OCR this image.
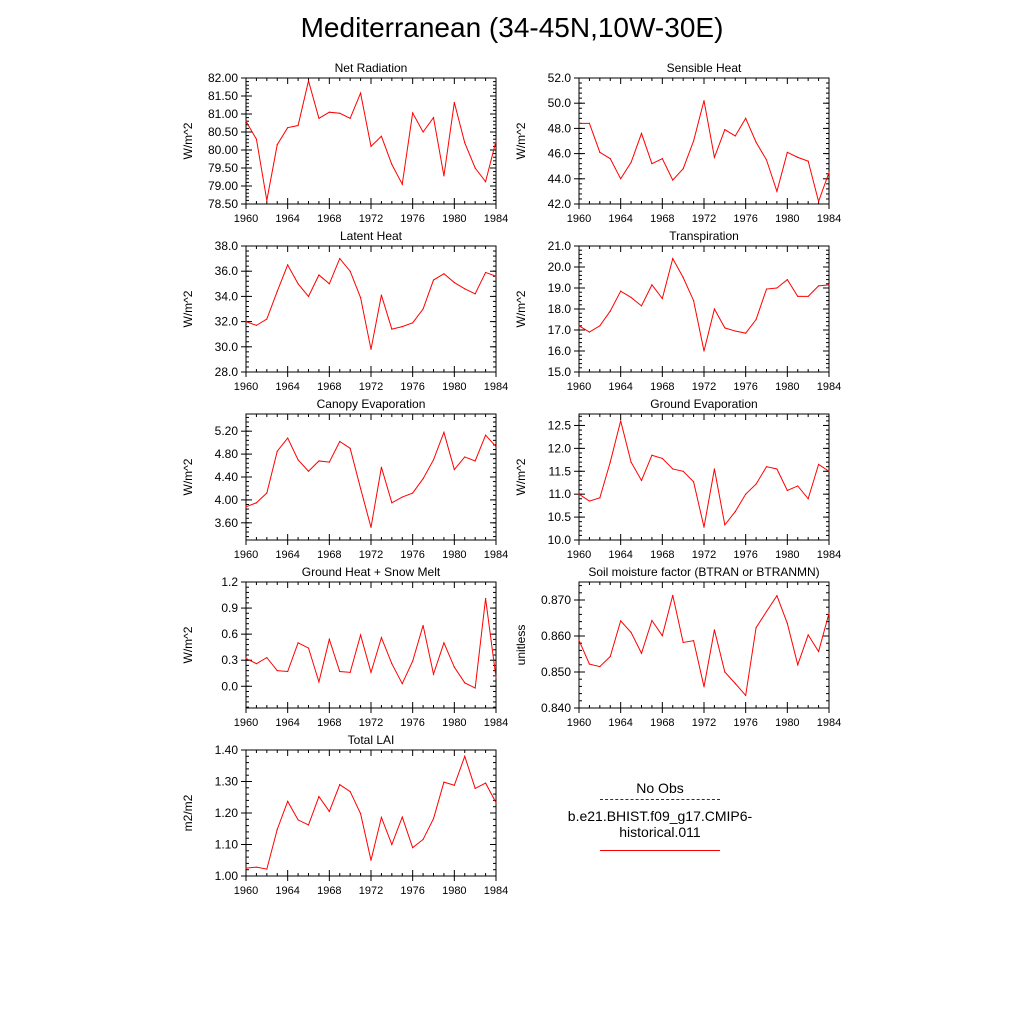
Mediterranean (34-45N,10W-30E)
Net Radiation
W/m^2
1960 1964 1968 1972 1976 1980 1984
78.50
79.00
79.50
80.00
80.50
81.00
81.50
82.00
Sensible Heat
W/m^2
1960 1964 1968 1972 1976 1980 1984
42.0
44.0
46.0
48.0
50.0
52.0
Latent Heat
W/m^2
1960 1964 1968 1972 1976 1980 1984
28.0
30.0
32.0
34.0
36.0
38.0
Transpiration
W/m^2
1960 1964 1968 1972 1976 1980 1984
15.0
16.0
17.0
18.0
19.0
20.0
21.0
Canopy Evaporation
W/m^2
1960 1964 1968 1972 1976 1980 1984
3.60
4.00
4.40
4.80
5.20
Ground Evaporation
W/m^2
1960 1964 1968 1972 1976 1980 1984
10.0
10.5
11.0
11.5
12.0
12.5
Ground Heat + Snow Melt
W/m^2
1960 1964 1968 1972 1976 1980 1984
0.0
0.3
0.6
0.9
1.2
Soil moisture factor (BTRAN or BTRANMN)
unitless
1960 1964 1968 1972 1976 1980 1984
0.840
0.850
0.860
0.870
Total LAI
m2/m2
1960 1964 1968 1972 1976 1980 1984
1.00
1.10
1.20
1.30
1.40
No Obs
b.e21.BHIST.f09_g17.CMIP6-historical.011
